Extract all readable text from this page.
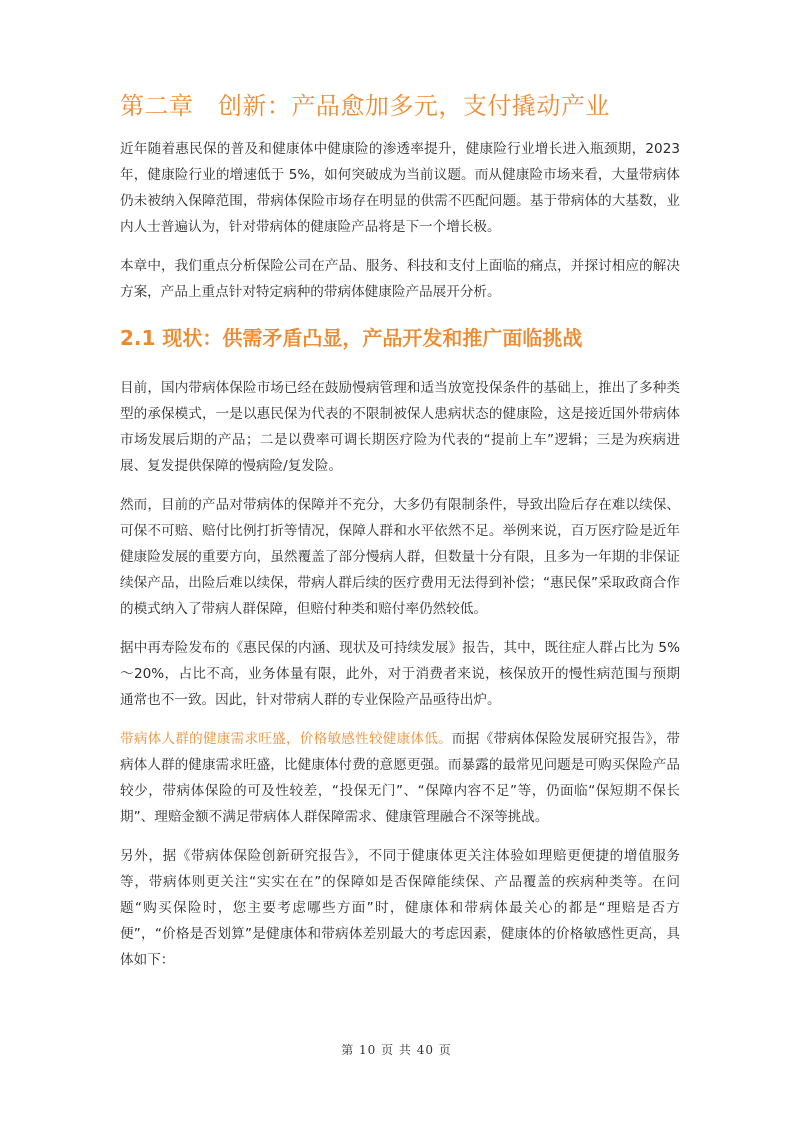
第二章   创新：产品愈加多元，支付撬动产业

近年随着惠民保的普及和健康体中健康险的渗透率提升，健康险行业增长进入瓶颈期，2023 年，健康险行业的增速低于 5%，如何突破成为当前议题。而从健康险市场来看，大量带病体仍未被纳入保障范围，带病体保险市场存在明显的供需不匹配问题。基于带病体的大基数，业内人士普遍认为，针对带病体的健康险产品将是下一个增长极。

本章中，我们重点分析保险公司在产品、服务、科技和支付上面临的痛点，并探讨相应的解决方案，产品上重点针对特定病种的带病体健康险产品展开分析。

2.1 现状：供需矛盾凸显，产品开发和推广面临挑战

目前，国内带病体保险市场已经在鼓励慢病管理和适当放宽投保条件的基础上，推出了多种类型的承保模式，一是以惠民保为代表的不限制被保人患病状态的健康险，这是接近国外带病体市场发展后期的产品；二是以费率可调长期医疗险为代表的“提前上车”逻辑；三是为疾病进展、复发提供保障的慢病险/复发险。

然而，目前的产品对带病体的保障并不充分，大多仍有限制条件，导致出险后存在难以续保、可保不可赔、赔付比例打折等情况，保障人群和水平依然不足。举例来说，百万医疗险是近年健康险发展的重要方向，虽然覆盖了部分慢病人群，但数量十分有限，且多为一年期的非保证续保产品，出险后难以续保，带病人群后续的医疗费用无法得到补偿；“惠民保”采取政商合作的模式纳入了带病人群保障，但赔付种类和赔付率仍然较低。

据中再寿险发布的《惠民保的内涵、现状及可持续发展》报告，其中，既往症人群占比为 5%～20%，占比不高，业务体量有限，此外，对于消费者来说，核保放开的慢性病范围与预期通常也不一致。因此，针对带病人群的专业保险产品亟待出炉。

带病体人群的健康需求旺盛，价格敏感性较健康体低。而据《带病体保险发展研究报告》，带病体人群的健康需求旺盛，比健康体付费的意愿更强。而暴露的最常见问题是可购买保险产品较少，带病体保险的可及性较差，“投保无门”、“保障内容不足”等，仍面临“保短期不保长期”、理赔金额不满足带病体人群保障需求、健康管理融合不深等挑战。

另外，据《带病体保险创新研究报告》，不同于健康体更关注体验如理赔更便捷的增值服务等，带病体则更关注“实实在在”的保障如是否保障能续保、产品覆盖的疾病种类等。在问题“购买保险时，您主要考虑哪些方面”时，健康体和带病体最关心的都是“理赔是否方便”，“价格是否划算”是健康体和带病体差别最大的考虑因素，健康体的价格敏感性更高，具体如下：

第 10 页 共 40 页
